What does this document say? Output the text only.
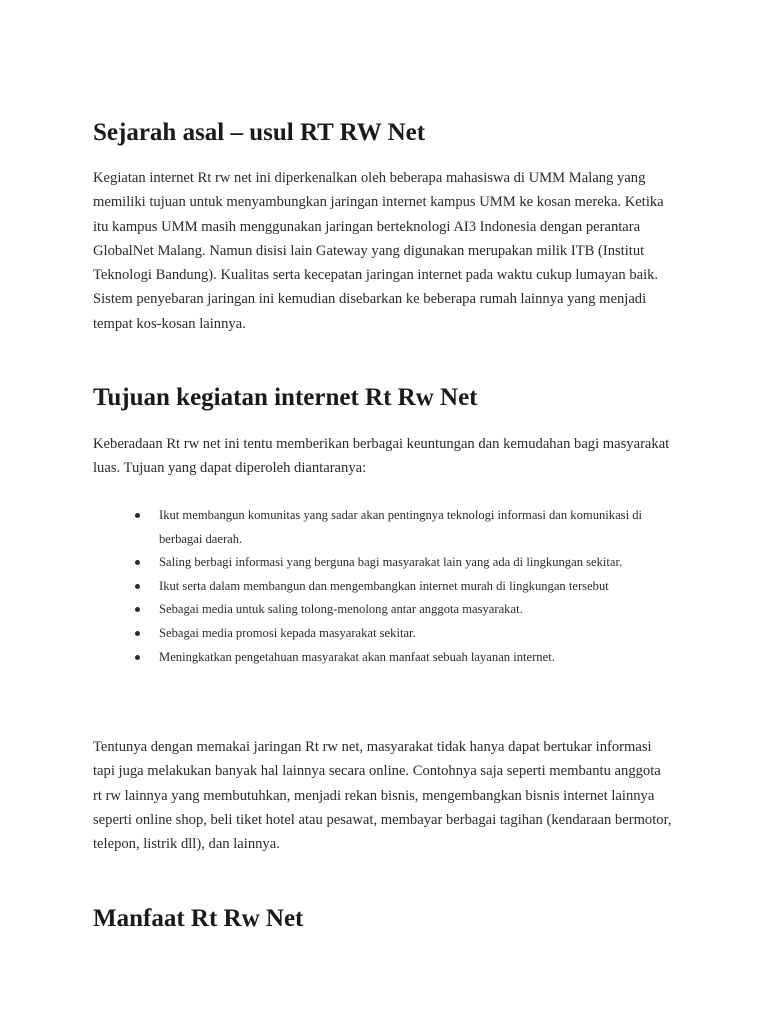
Sejarah asal – usul RT RW Net

Kegiatan internet Rt rw net ini diperkenalkan oleh beberapa mahasiswa di UMM Malang yang memiliki tujuan untuk menyambungkan jaringan internet kampus UMM ke kosan mereka. Ketika itu kampus UMM masih menggunakan jaringan berteknologi AI3 Indonesia dengan perantara GlobalNet Malang. Namun disisi lain Gateway yang digunakan merupakan milik ITB (Institut Teknologi Bandung). Kualitas serta kecepatan jaringan internet pada waktu cukup lumayan baik. Sistem penyebaran jaringan ini kemudian disebarkan ke beberapa rumah lainnya yang menjadi tempat kos-kosan lainnya.

Tujuan kegiatan internet Rt Rw Net

Keberadaan Rt rw net ini tentu memberikan berbagai keuntungan dan kemudahan bagi masyarakat luas. Tujuan yang dapat diperoleh diantaranya:

Ikut membangun komunitas yang sadar akan pentingnya teknologi informasi dan komunikasi di berbagai daerah.
Saling berbagi informasi yang berguna bagi masyarakat lain yang ada di lingkungan sekitar.
Ikut serta dalam membangun dan mengembangkan internet murah di lingkungan tersebut
Sebagai media untuk saling tolong-menolong antar anggota masyarakat.
Sebagai media promosi kepada masyarakat sekitar.
Meningkatkan pengetahuan masyarakat akan manfaat sebuah layanan internet.

Tentunya dengan memakai jaringan Rt rw net, masyarakat tidak hanya dapat bertukar informasi tapi juga melakukan banyak hal lainnya secara online. Contohnya saja seperti membantu anggota rt rw lainnya yang membutuhkan, menjadi rekan bisnis, mengembangkan bisnis internet lainnya seperti online shop, beli tiket hotel atau pesawat, membayar berbagai tagihan (kendaraan bermotor, telepon, listrik dll), dan lainnya.

Manfaat Rt Rw Net
